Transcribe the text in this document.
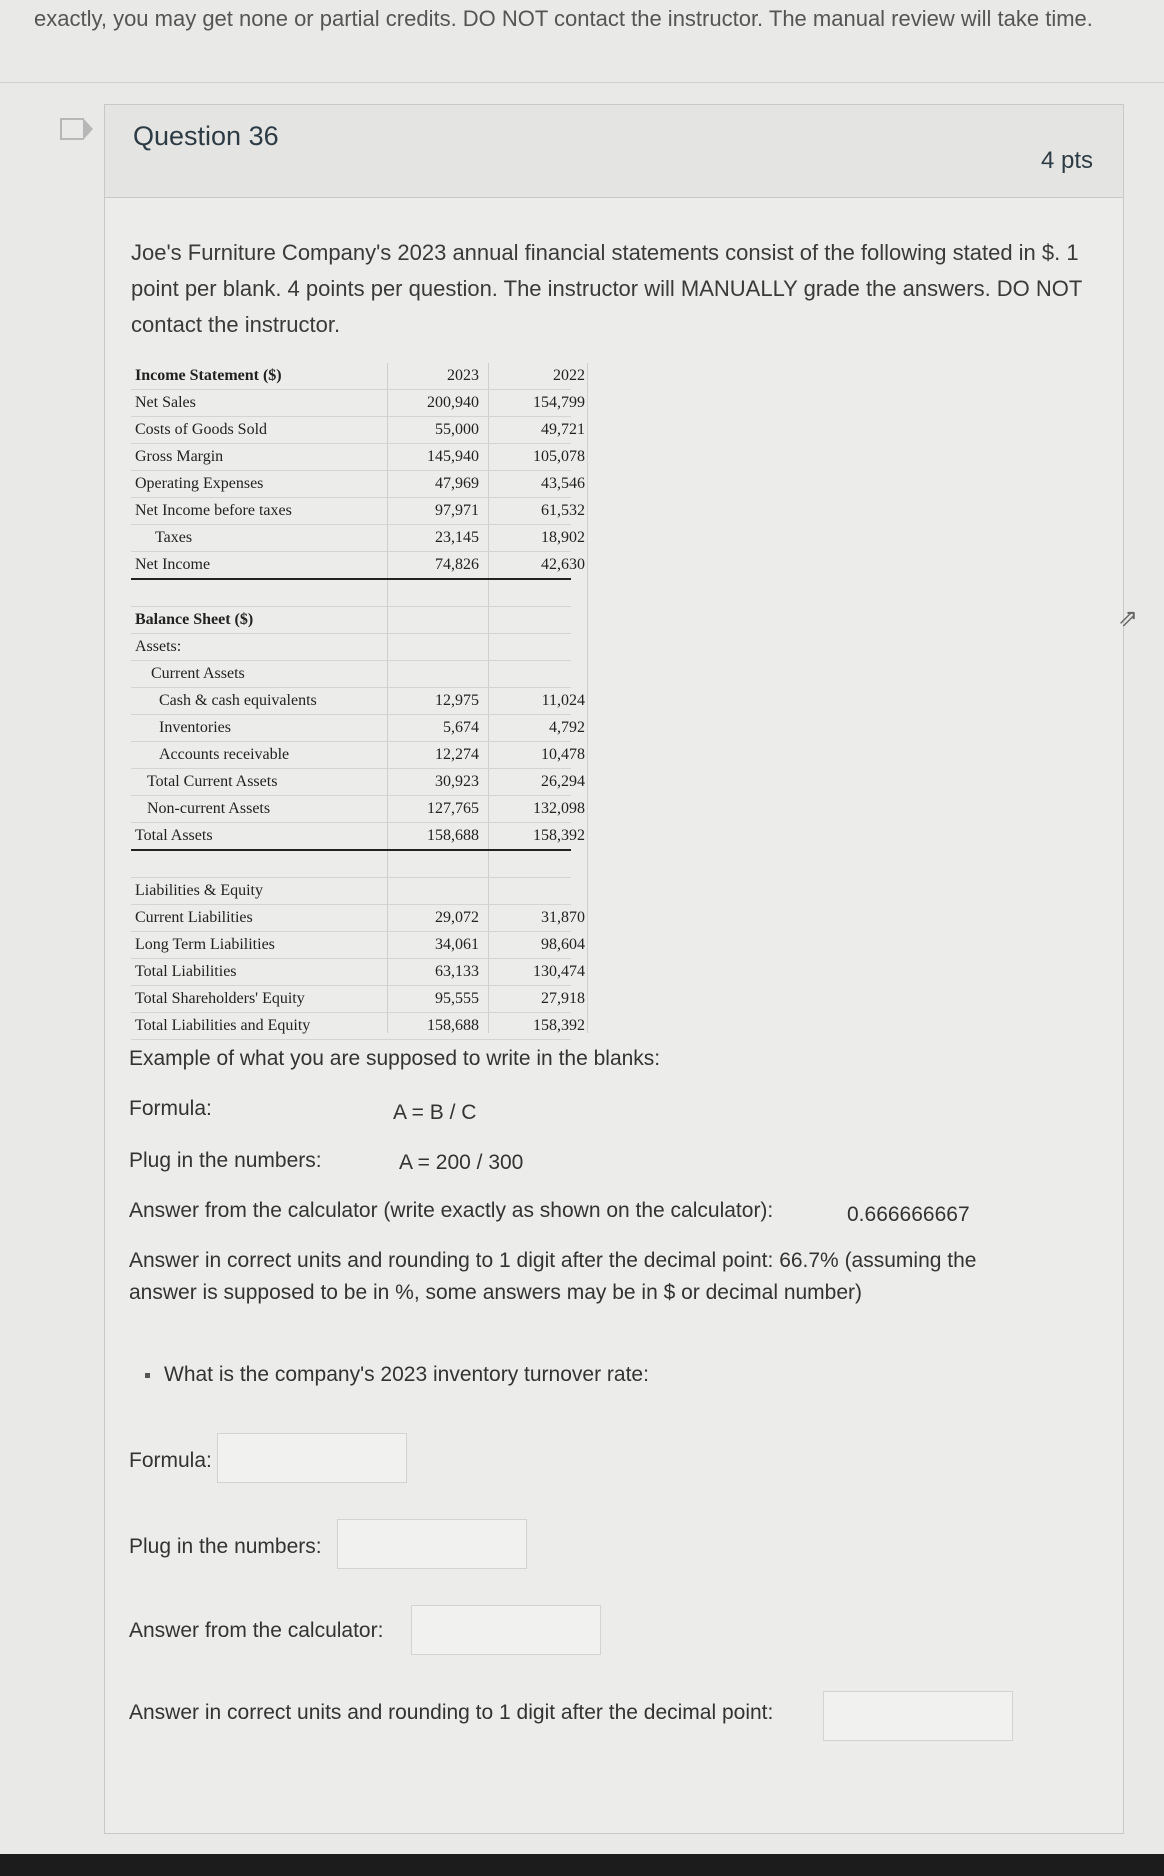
exactly, you may get none or partial credits. DO NOT contact the instructor. The manual review will take time.
Question 36
4 pts
Joe's Furniture Company's 2023 annual financial statements consist of the following stated in $. 1 point per blank. 4 points per question. The instructor will MANUALLY grade the answers. DO NOT contact the instructor.
Income Statement ($)	2023	2022
Net Sales	200,940	154,799
Costs of Goods Sold	55,000	49,721
Gross Margin	145,940	105,078
Operating Expenses	47,969	43,546
Net Income before taxes	97,971	61,532
Taxes	23,145	18,902
Net Income	74,826	42,630
Balance Sheet ($)
Assets:
Current Assets
Cash & cash equivalents	12,975	11,024
Inventories	5,674	4,792
Accounts receivable	12,274	10,478
Total Current Assets	30,923	26,294
Non-current Assets	127,765	132,098
Total Assets	158,688	158,392
Liabilities & Equity
Current Liabilities	29,072	31,870
Long Term Liabilities	34,061	98,604
Total Liabilities	63,133	130,474
Total Shareholders' Equity	95,555	27,918
Total Liabilities and Equity	158,688	158,392
Example of what you are supposed to write in the blanks:
Formula:	A = B / C
Plug in the numbers:	A = 200 / 300
Answer from the calculator (write exactly as shown on the calculator):	0.666666667
Answer in correct units and rounding to 1 digit after the decimal point: 66.7% (assuming the
answer is supposed to be in %, some answers may be in $ or decimal number)
What is the company's 2023 inventory turnover rate:
Formula:
Plug in the numbers:
Answer from the calculator:
Answer in correct units and rounding to 1 digit after the decimal point:
⇗
